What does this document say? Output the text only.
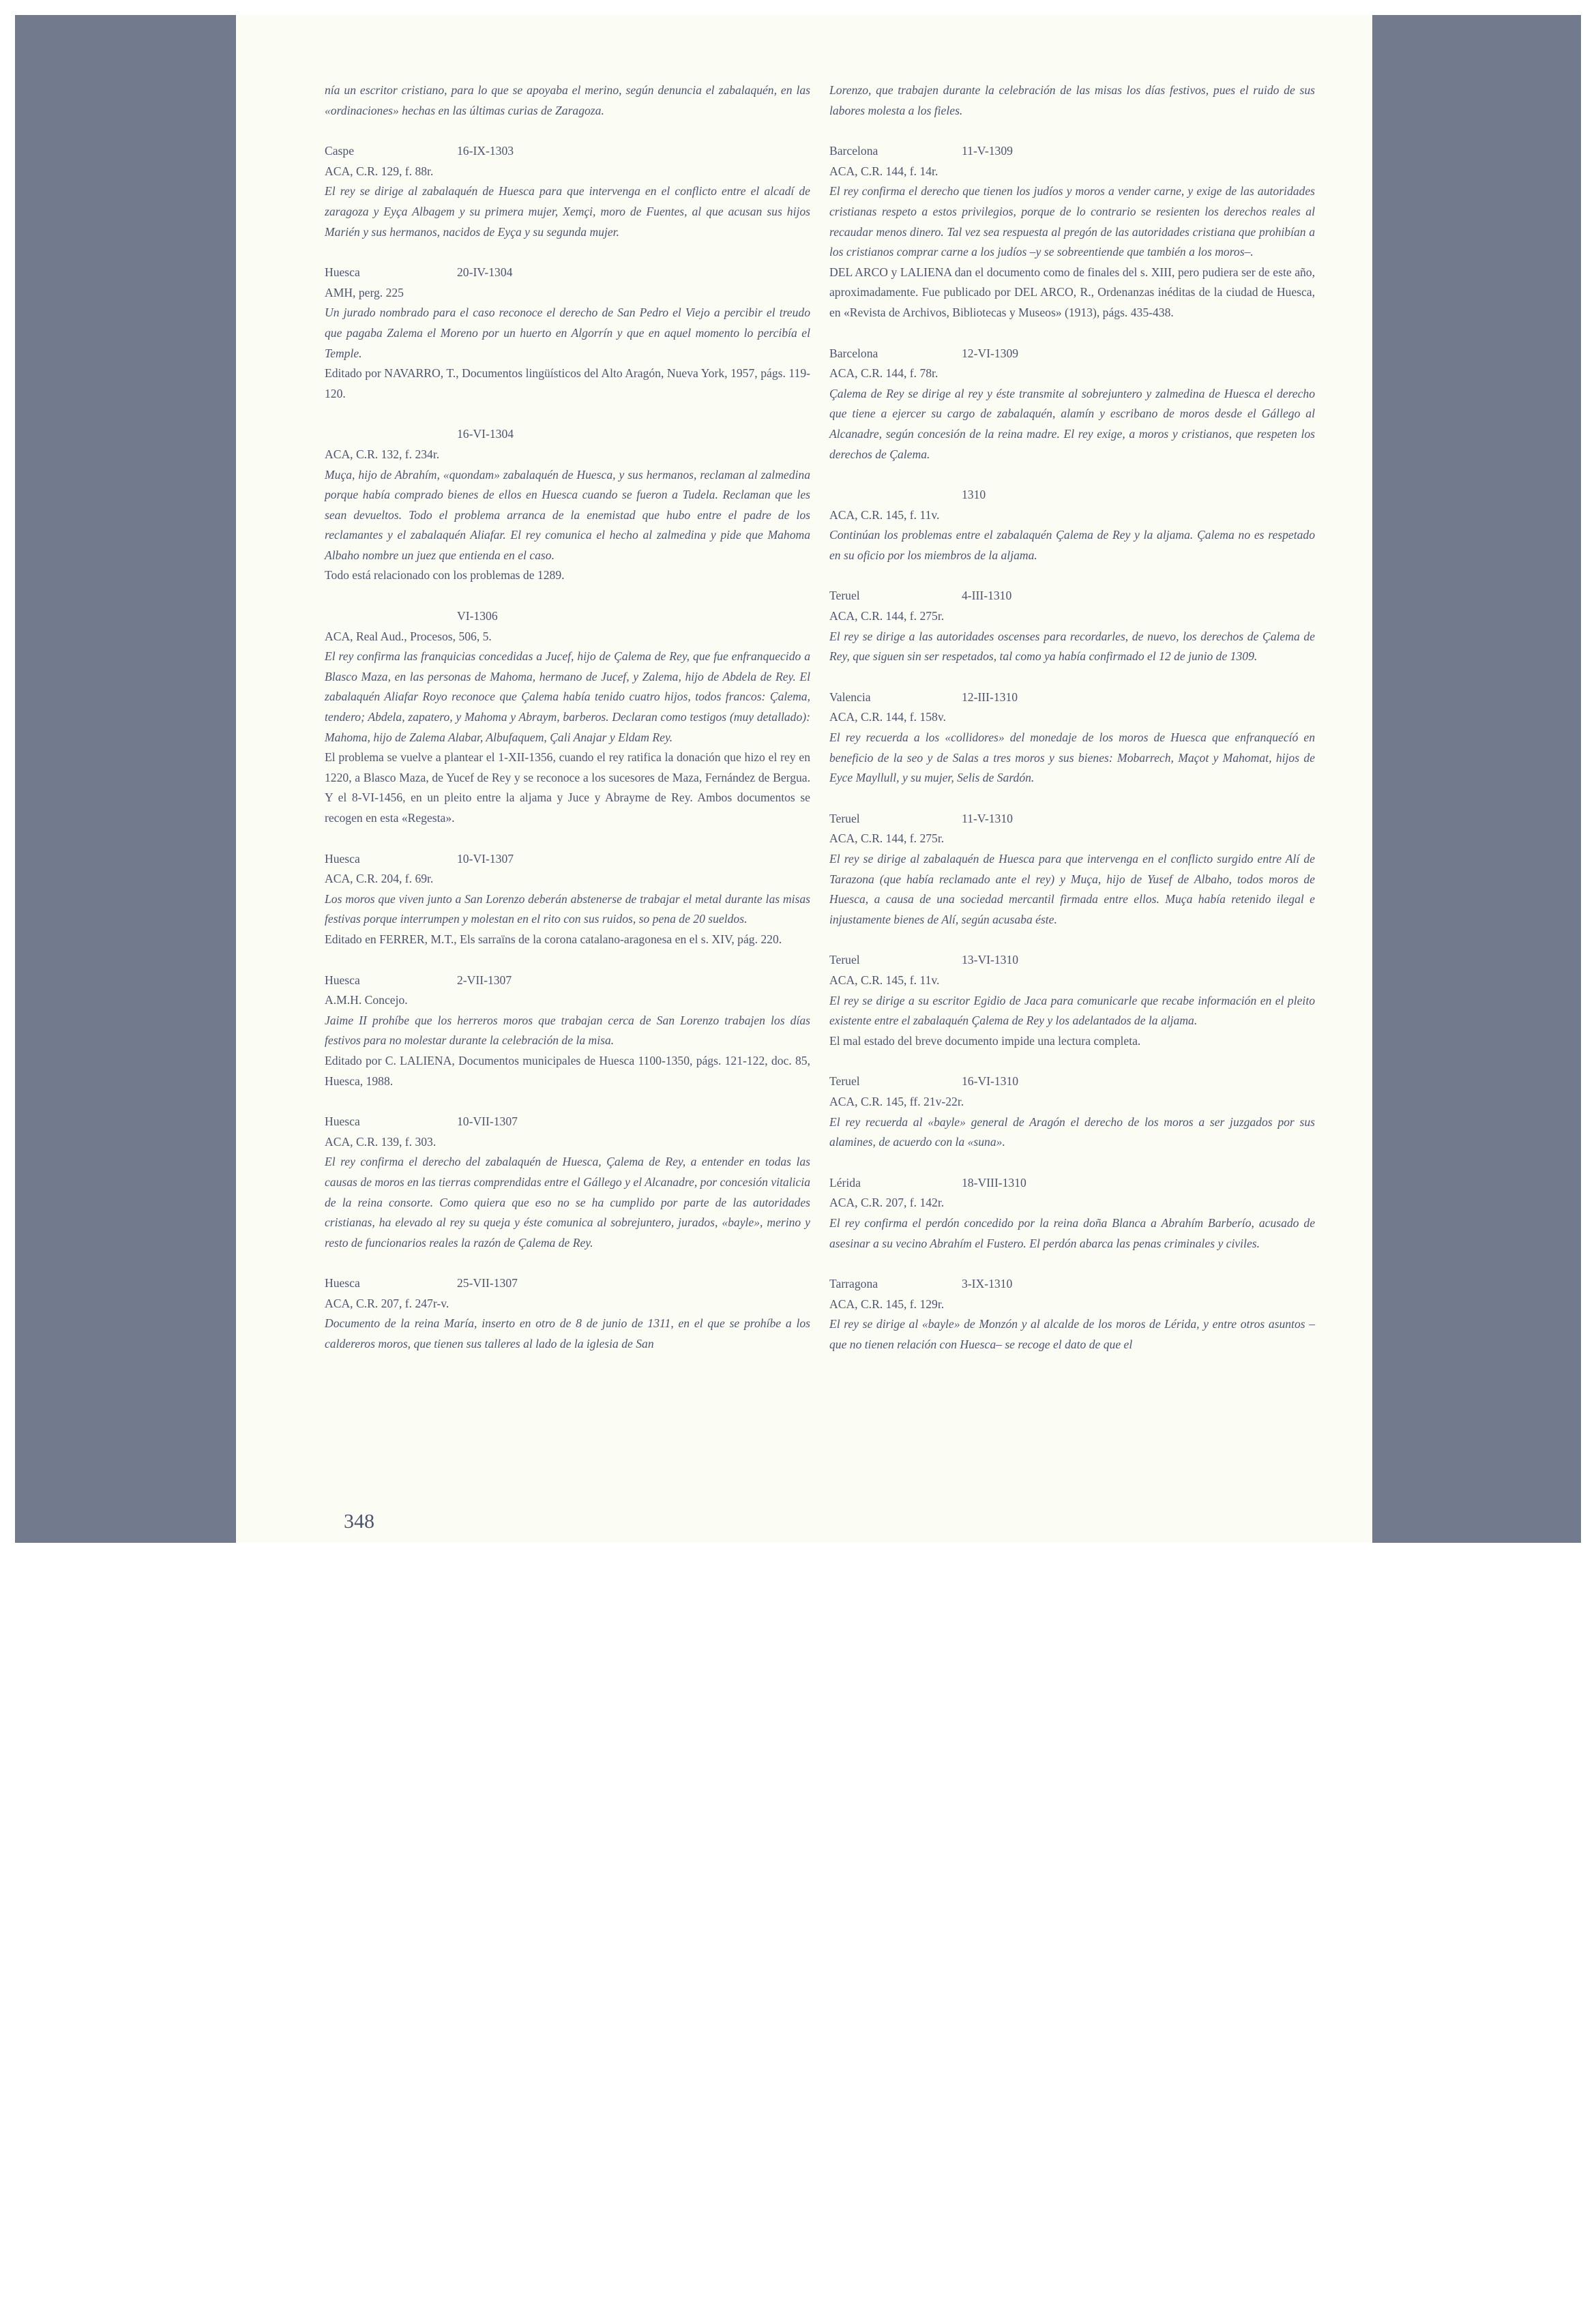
nía un escritor cristiano, para lo que se apoyaba el merino, según denuncia el zabalaquén, en las «ordinaciones» hechas en las últimas curias de Zaragoza.

Caspe	16-IX-1303

ACA, C.R. 129, f. 88r.

El rey se dirige al zabalaquén de Huesca para que intervenga en el conflicto entre el alcadí de zaragoza y Eyça Albagem y su primera mujer, Xemçi, moro de Fuentes, al que acusan sus hijos Marién y sus hermanos, nacidos de Eyça y su segunda mujer.

Huesca	20-IV-1304

AMH, perg. 225

Un jurado nombrado para el caso reconoce el derecho de San Pedro el Viejo a percibir el treudo que pagaba Zalema el Moreno por un huerto en Algorrín y que en aquel momento lo percibía el Temple.

Editado por NAVARRO, T., Documentos lingüísticos del Alto Aragón, Nueva York, 1957, págs. 119-120.

16-VI-1304

ACA, C.R. 132, f. 234r.

Muça, hijo de Abrahím, «quondam» zabalaquén de Huesca, y sus hermanos, reclaman al zalmedina porque había comprado bienes de ellos en Huesca cuando se fueron a Tudela. Reclaman que les sean devueltos. Todo el problema arranca de la enemistad que hubo entre el padre de los reclamantes y el zabalaquén Aliafar. El rey comunica el hecho al zalmedina y pide que Mahoma Albaho nombre un juez que entienda en el caso.

Todo está relacionado con los problemas de 1289.

VI-1306

ACA, Real Aud., Procesos, 506, 5.

El rey confirma las franquicias concedidas a Jucef, hijo de Çalema de Rey, que fue enfranquecido a Blasco Maza, en las personas de Mahoma, hermano de Jucef, y Zalema, hijo de Abdela de Rey. El zabalaquén Aliafar Royo reconoce que Çalema había tenido cuatro hijos, todos francos: Çalema, tendero; Abdela, zapatero, y Mahoma y Abraym, barberos. Declaran como testigos (muy detallado): Mahoma, hijo de Zalema Alabar, Albufaquem, Çali Anajar y Eldam Rey.

El problema se vuelve a plantear el 1-XII-1356, cuando el rey ratifica la donación que hizo el rey en 1220, a Blasco Maza, de Yucef de Rey y se reconoce a los sucesores de Maza, Fernández de Bergua. Y el 8-VI-1456, en un pleito entre la aljama y Juce y Abrayme de Rey. Ambos documentos se recogen en esta «Regesta».

Huesca	10-VI-1307

ACA, C.R. 204, f. 69r.

Los moros que viven junto a San Lorenzo deberán abstenerse de trabajar el metal durante las misas festivas porque interrumpen y molestan en el rito con sus ruidos, so pena de 20 sueldos.

Editado en FERRER, M.T., Els sarraïns de la corona catalano-aragonesa en el s. XIV, pág. 220.

Huesca	2-VII-1307

A.M.H. Concejo.

Jaime II prohíbe que los herreros moros que trabajan cerca de San Lorenzo trabajen los días festivos para no molestar durante la celebración de la misa.

Editado por C. LALIENA, Documentos municipales de Huesca 1100-1350, págs. 121-122, doc. 85, Huesca, 1988.

Huesca	10-VII-1307

ACA, C.R. 139, f. 303.

El rey confirma el derecho del zabalaquén de Huesca, Çalema de Rey, a entender en todas las causas de moros en las tierras comprendidas entre el Gállego y el Alcanadre, por concesión vitalicia de la reina consorte. Como quiera que eso no se ha cumplido por parte de las autoridades cristianas, ha elevado al rey su queja y éste comunica al sobrejuntero, jurados, «bayle», merino y resto de funcionarios reales la razón de Çalema de Rey.

Huesca	25-VII-1307

ACA, C.R. 207, f. 247r-v.

Documento de la reina María, inserto en otro de 8 de junio de 1311, en el que se prohíbe a los caldereros moros, que tienen sus talleres al lado de la iglesia de San

Lorenzo, que trabajen durante la celebración de las misas los días festivos, pues el ruido de sus labores molesta a los fieles.

Barcelona	11-V-1309

ACA, C.R. 144, f. 14r.

El rey confirma el derecho que tienen los judíos y moros a vender carne, y exige de las autoridades cristianas respeto a estos privilegios, porque de lo contrario se resienten los derechos reales al recaudar menos dinero. Tal vez sea respuesta al pregón de las autoridades cristiana que prohibían a los cristianos comprar carne a los judíos –y se sobreentiende que también a los moros–.

DEL ARCO y LALIENA dan el documento como de finales del s. XIII, pero pudiera ser de este año, aproximadamente. Fue publicado por DEL ARCO, R., Ordenanzas inéditas de la ciudad de Huesca, en «Revista de Archivos, Bibliotecas y Museos» (1913), págs. 435-438.

Barcelona	12-VI-1309

ACA, C.R. 144, f. 78r.

Çalema de Rey se dirige al rey y éste transmite al sobrejuntero y zalmedina de Huesca el derecho que tiene a ejercer su cargo de zabalaquén, alamín y escribano de moros desde el Gállego al Alcanadre, según concesión de la reina madre. El rey exige, a moros y cristianos, que respeten los derechos de Çalema.

1310

ACA, C.R. 145, f. 11v.

Continúan los problemas entre el zabalaquén Çalema de Rey y la aljama. Çalema no es respetado en su oficio por los miembros de la aljama.

Teruel	4-III-1310

ACA, C.R. 144, f. 275r.

El rey se dirige a las autoridades oscenses para recordarles, de nuevo, los derechos de Çalema de Rey, que siguen sin ser respetados, tal como ya había confirmado el 12 de junio de 1309.

Valencia	12-III-1310

ACA, C.R. 144, f. 158v.

El rey recuerda a los «collidores» del monedaje de los moros de Huesca que enfranquecíó en beneficio de la seo y de Salas a tres moros y sus bienes: Mobarrech, Maçot y Mahomat, hijos de Eyce Mayllull, y su mujer, Selis de Sardón.

Teruel	11-V-1310

ACA, C.R. 144, f. 275r.

El rey se dirige al zabalaquén de Huesca para que intervenga en el conflicto surgido entre Alí de Tarazona (que había reclamado ante el rey) y Muça, hijo de Yusef de Albaho, todos moros de Huesca, a causa de una sociedad mercantil firmada entre ellos. Muça había retenido ilegal e injustamente bienes de Alí, según acusaba éste.

Teruel	13-VI-1310

ACA, C.R. 145, f. 11v.

El rey se dirige a su escritor Egidio de Jaca para comunicarle que recabe información en el pleito existente entre el zabalaquén Çalema de Rey y los adelantados de la aljama.

El mal estado del breve documento impide una lectura completa.

Teruel	16-VI-1310

ACA, C.R. 145, ff. 21v-22r.

El rey recuerda al «bayle» general de Aragón el derecho de los moros a ser juzgados por sus alamines, de acuerdo con la «suna».

Lérida	18-VIII-1310

ACA, C.R. 207, f. 142r.

El rey confirma el perdón concedido por la reina doña Blanca a Abrahím Barberío, acusado de asesinar a su vecino Abrahím el Fustero. El perdón abarca las penas criminales y civiles.

Tarragona	3-IX-1310

ACA, C.R. 145, f. 129r.

El rey se dirige al «bayle» de Monzón y al alcalde de los moros de Lérida, y entre otros asuntos –que no tienen relación con Huesca– se recoge el dato de que el

348
